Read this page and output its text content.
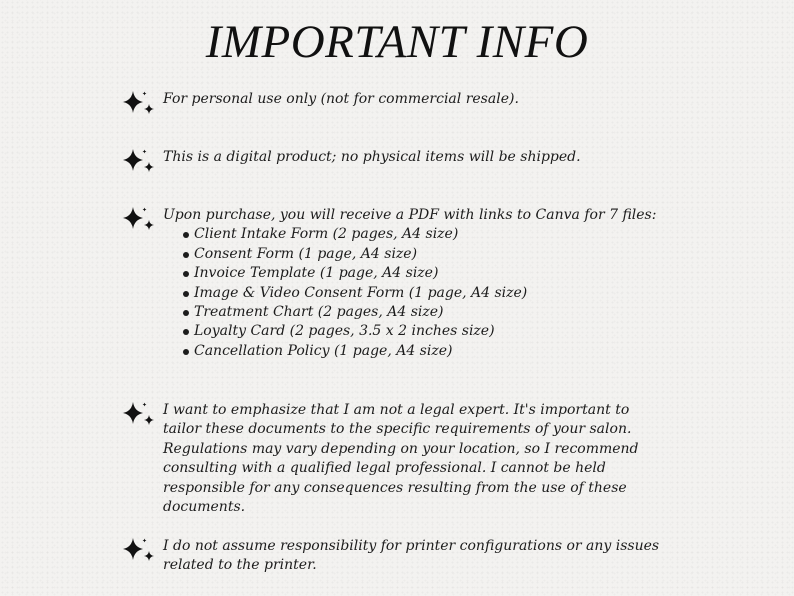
IMPORTANT INFO
For personal use only (not for commercial resale).
This is a digital product; no physical items will be shipped.
Upon purchase, you will receive a PDF with links to Canva for 7 files:
Client Intake Form (2 pages, A4 size)
Consent Form (1 page, A4 size)
Invoice Template (1 page, A4 size)
Image & Video Consent Form (1 page, A4 size)
Treatment Chart (2 pages, A4 size)
Loyalty Card (2 pages, 3.5 x 2 inches size)
Cancellation Policy (1 page, A4 size)
I want to emphasize that I am not a legal expert. It's important to tailor these documents to the specific requirements of your salon. Regulations may vary depending on your location, so I recommend consulting with a qualified legal professional. I cannot be held responsible for any consequences resulting from the use of these documents.
I do not assume responsibility for printer configurations or any issues related to the printer.
